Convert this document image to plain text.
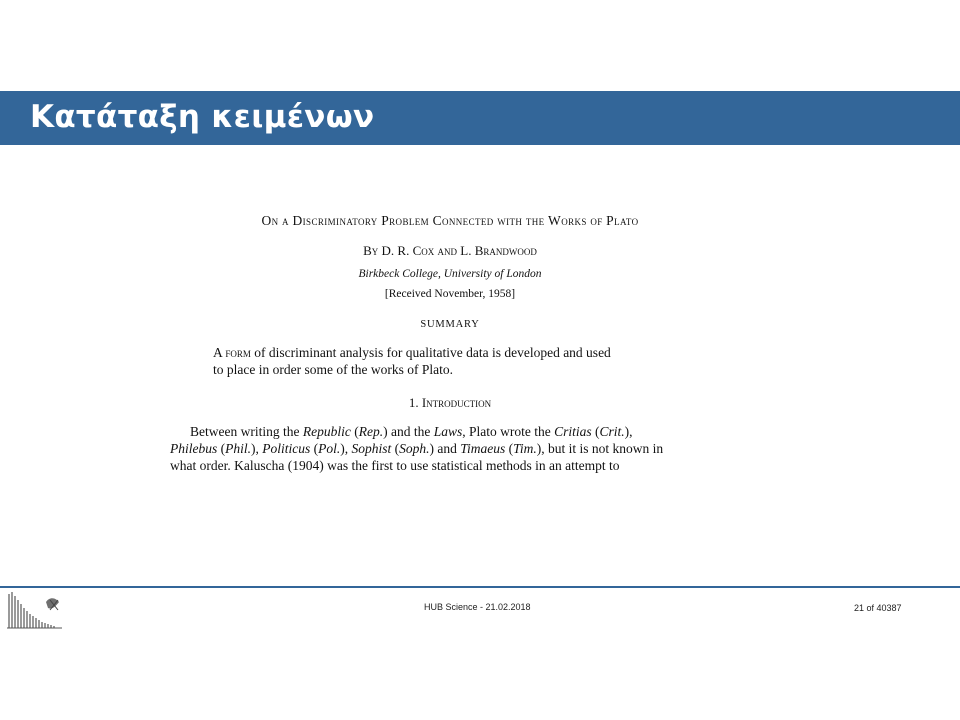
Κατάταξη κειμένων
On a Discriminatory Problem Connected with the Works of Plato
By D. R. Cox and L. Brandwood
Birkbeck College, University of London
[Received November, 1958]
SUMMARY
A form of discriminant analysis for qualitative data is developed and used
to place in order some of the works of Plato.
1. Introduction
Between writing the Republic (Rep.) and the Laws, Plato wrote the Critias (Crit.),
Philebus (Phil.), Politicus (Pol.), Sophist (Soph.) and Timaeus (Tim.), but it is not known in
what order. Kaluscha (1904) was the first to use statistical methods in an attempt to
HUB Science - 21.02.2018	21 of 40387
